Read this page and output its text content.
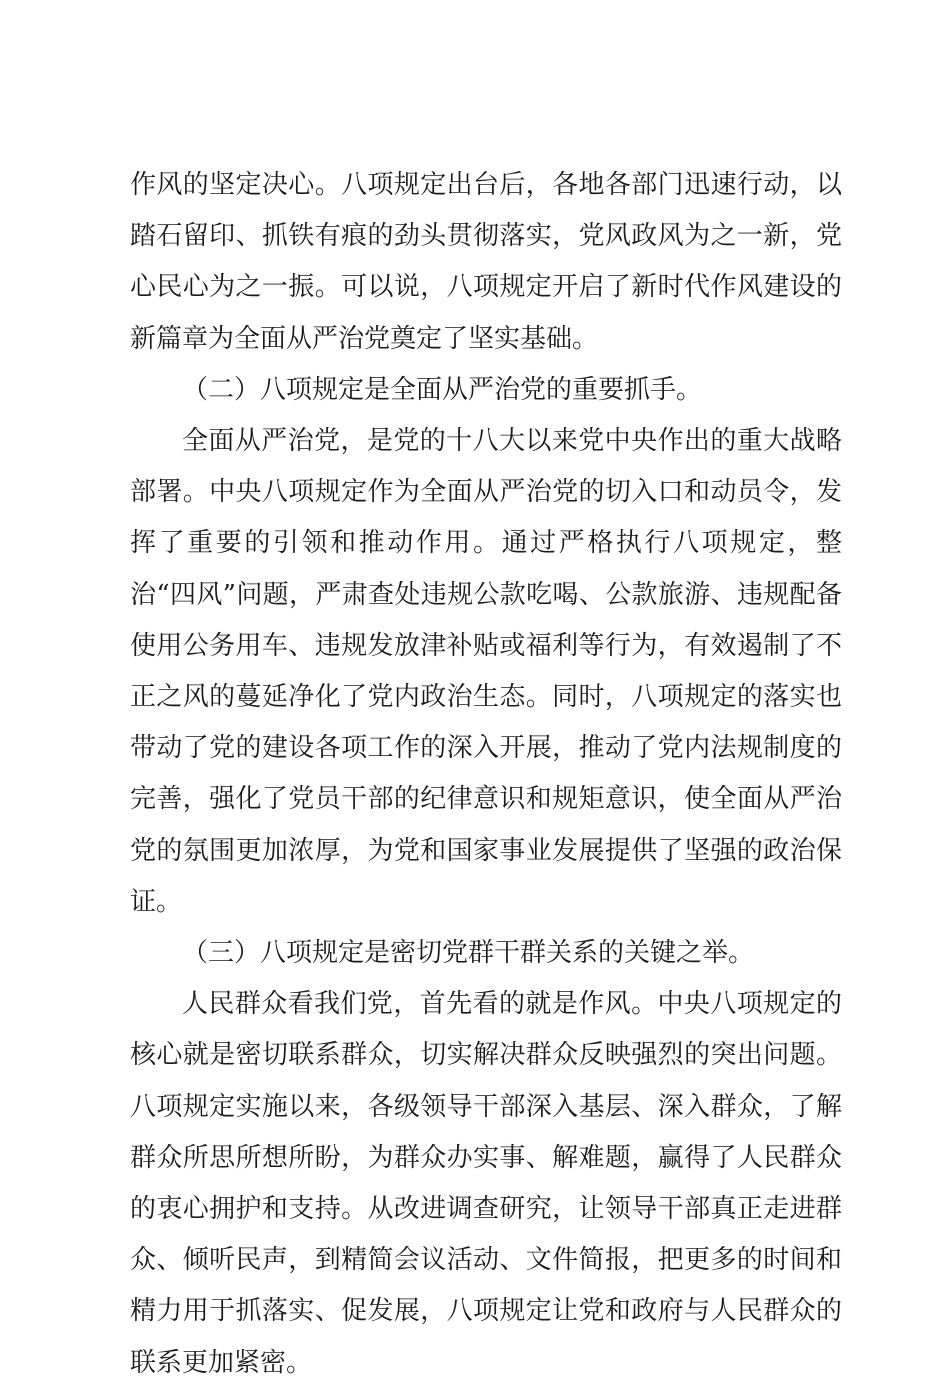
作风的坚定决心。八项规定出台后，各地各部门迅速行动，以踏石留印、抓铁有痕的劲头贯彻落实，党风政风为之一新，党心民心为之一振。可以说，八项规定开启了新时代作风建设的新篇章为全面从严治党奠定了坚实基础。

（二）八项规定是全面从严治党的重要抓手。

全面从严治党，是党的十八大以来党中央作出的重大战略部署。中央八项规定作为全面从严治党的切入口和动员令，发挥了重要的引领和推动作用。通过严格执行八项规定，整治“四风”问题，严肃查处违规公款吃喝、公款旅游、违规配备使用公务用车、违规发放津补贴或福利等行为，有效遏制了不正之风的蔓延净化了党内政治生态。同时，八项规定的落实也带动了党的建设各项工作的深入开展，推动了党内法规制度的完善，强化了党员干部的纪律意识和规矩意识，使全面从严治党的氛围更加浓厚，为党和国家事业发展提供了坚强的政治保证。

（三）八项规定是密切党群干群关系的关键之举。

人民群众看我们党，首先看的就是作风。中央八项规定的核心就是密切联系群众，切实解决群众反映强烈的突出问题。八项规定实施以来，各级领导干部深入基层、深入群众，了解群众所思所想所盼，为群众办实事、解难题，赢得了人民群众的衷心拥护和支持。从改进调查研究，让领导干部真正走进群众、倾听民声，到精简会议活动、文件简报，把更多的时间和精力用于抓落实、促发展，八项规定让党和政府与人民群众的联系更加紧密。
